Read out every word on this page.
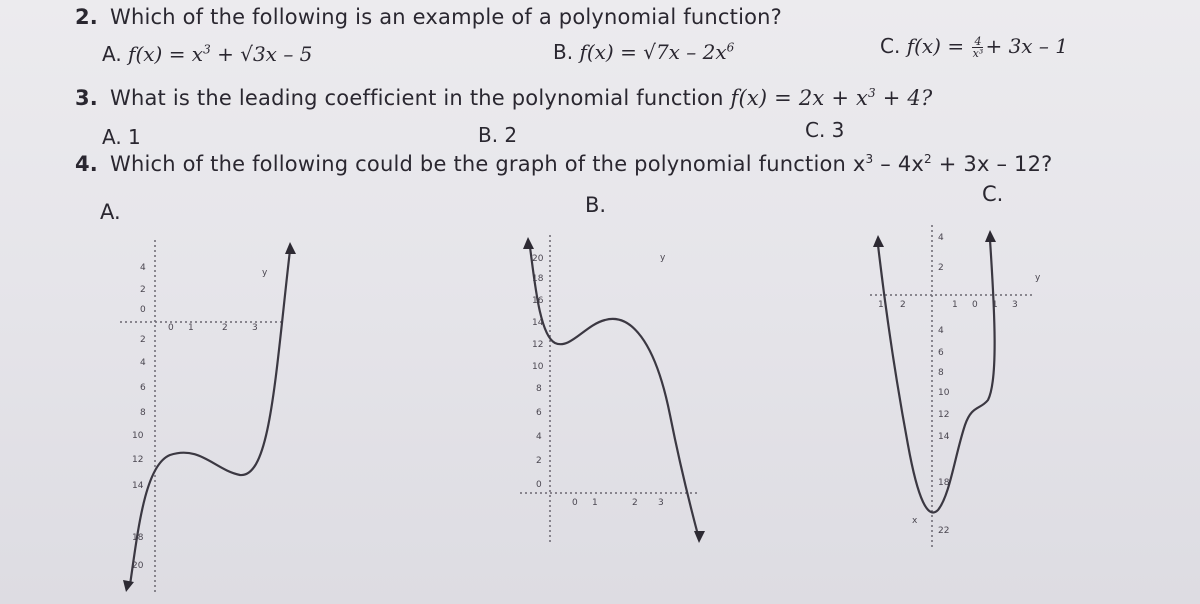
2. Which of the following is an example of a polynomial function?
A. $f(x) = x^3 + √3x - 5$	B. $f(x) = √7x - 2x^6$	C. $f(x) = \frac{4}{\text{x³}} + 3x - 1$
3. What is the leading coefficient in the polynomial function $f(x) = 2x + x^3 + 4$?
A. 1	B. 2	C. 3
4. Which of the following could be the graph of the polynomial function $x^3 - 4x^2 + 3x - 12$?
A.	B.	C.
y
0 1	2	3
4
2
0
2
4
6
8
10
12
14
18
20
y
20
18
16
14
12
10
8
6
4
2
0
0 1	2 3
y
x
1 2	1 0 1 3
4
2
4
6
8
10
12
14
18
22
